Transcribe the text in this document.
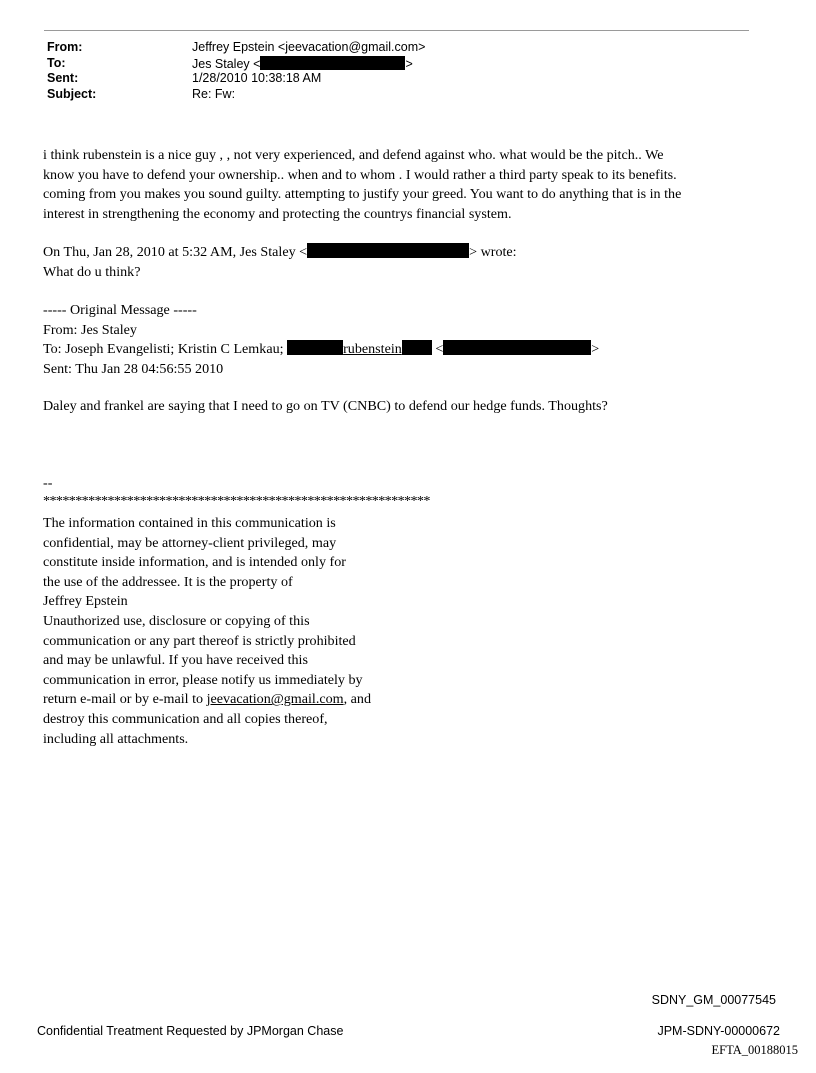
From:	Jeffrey Epstein <jeevacation@gmail.com>
To:	Jes Staley <	>
Sent:	1/28/2010 10:38:18 AM
Subject:	Re: Fw:
i think rubenstein is a nice guy , , not very experienced, and defend against who. what would be the pitch.. We
know you have to defend your ownership.. when and to whom . I would rather a third party speak to its benefits.
coming from you makes you sound guilty. attempting to justify your greed. You want to do anything that is in the
interest in strengthening the economy and protecting the countrys financial system.
On Thu, Jan 28, 2010 at 5:32 AM, Jes Staley <	> wrote:
What do u think?
----- Original Message -----
From: Jes Staley
To: Joseph Evangelisti; Kristin C Lemkau;	rubenstein <	>
Sent: Thu Jan 28 04:56:55 2010
Daley and frankel are saying that I need to go on TV (CNBC) to defend our hedge funds. Thoughts?
--
************************************************************
The information contained in this communication is
confidential, may be attorney-client privileged, may
constitute inside information, and is intended only for
the use of the addressee. It is the property of
Jeffrey Epstein
Unauthorized use, disclosure or copying of this
communication or any part thereof is strictly prohibited
and may be unlawful. If you have received this
communication in error, please notify us immediately by
return e-mail or by e-mail to jeevacation@gmail.com, and
destroy this communication and all copies thereof,
including all attachments.
SDNY_GM_00077545
Confidential Treatment Requested by JPMorgan Chase	JPM-SDNY-00000672
EFTA_00188015
